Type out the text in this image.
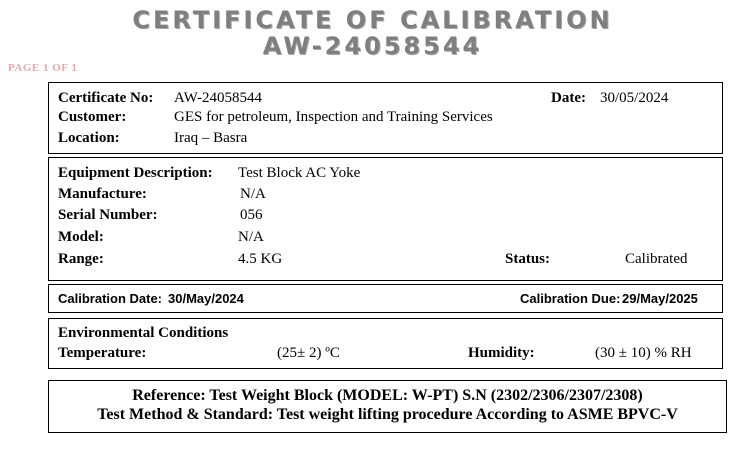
CERTIFICATE OF CALIBRATION
AW-24058544
PAGE 1 OF 1
Certificate No: AW-24058544	Date: 30/05/2024
Customer:	GES for petroleum, Inspection and Training Services
Location:	Iraq – Basra
Equipment Description: Test Block AC Yoke
Manufacture:	N/A
Serial Number:	056
Model:	N/A
Range:	4.5 KG	Status:	Calibrated
Calibration Date: 30/May/2024	Calibration Due: 29/May/2025
Environmental Conditions
Temperature:	(25± 2) ºC	Humidity:	(30 ± 10) % RH
Reference: Test Weight Block (MODEL: W-PT) S.N (2302/2306/2307/2308)
Test Method & Standard: Test weight lifting procedure According to ASME BPVC-V
